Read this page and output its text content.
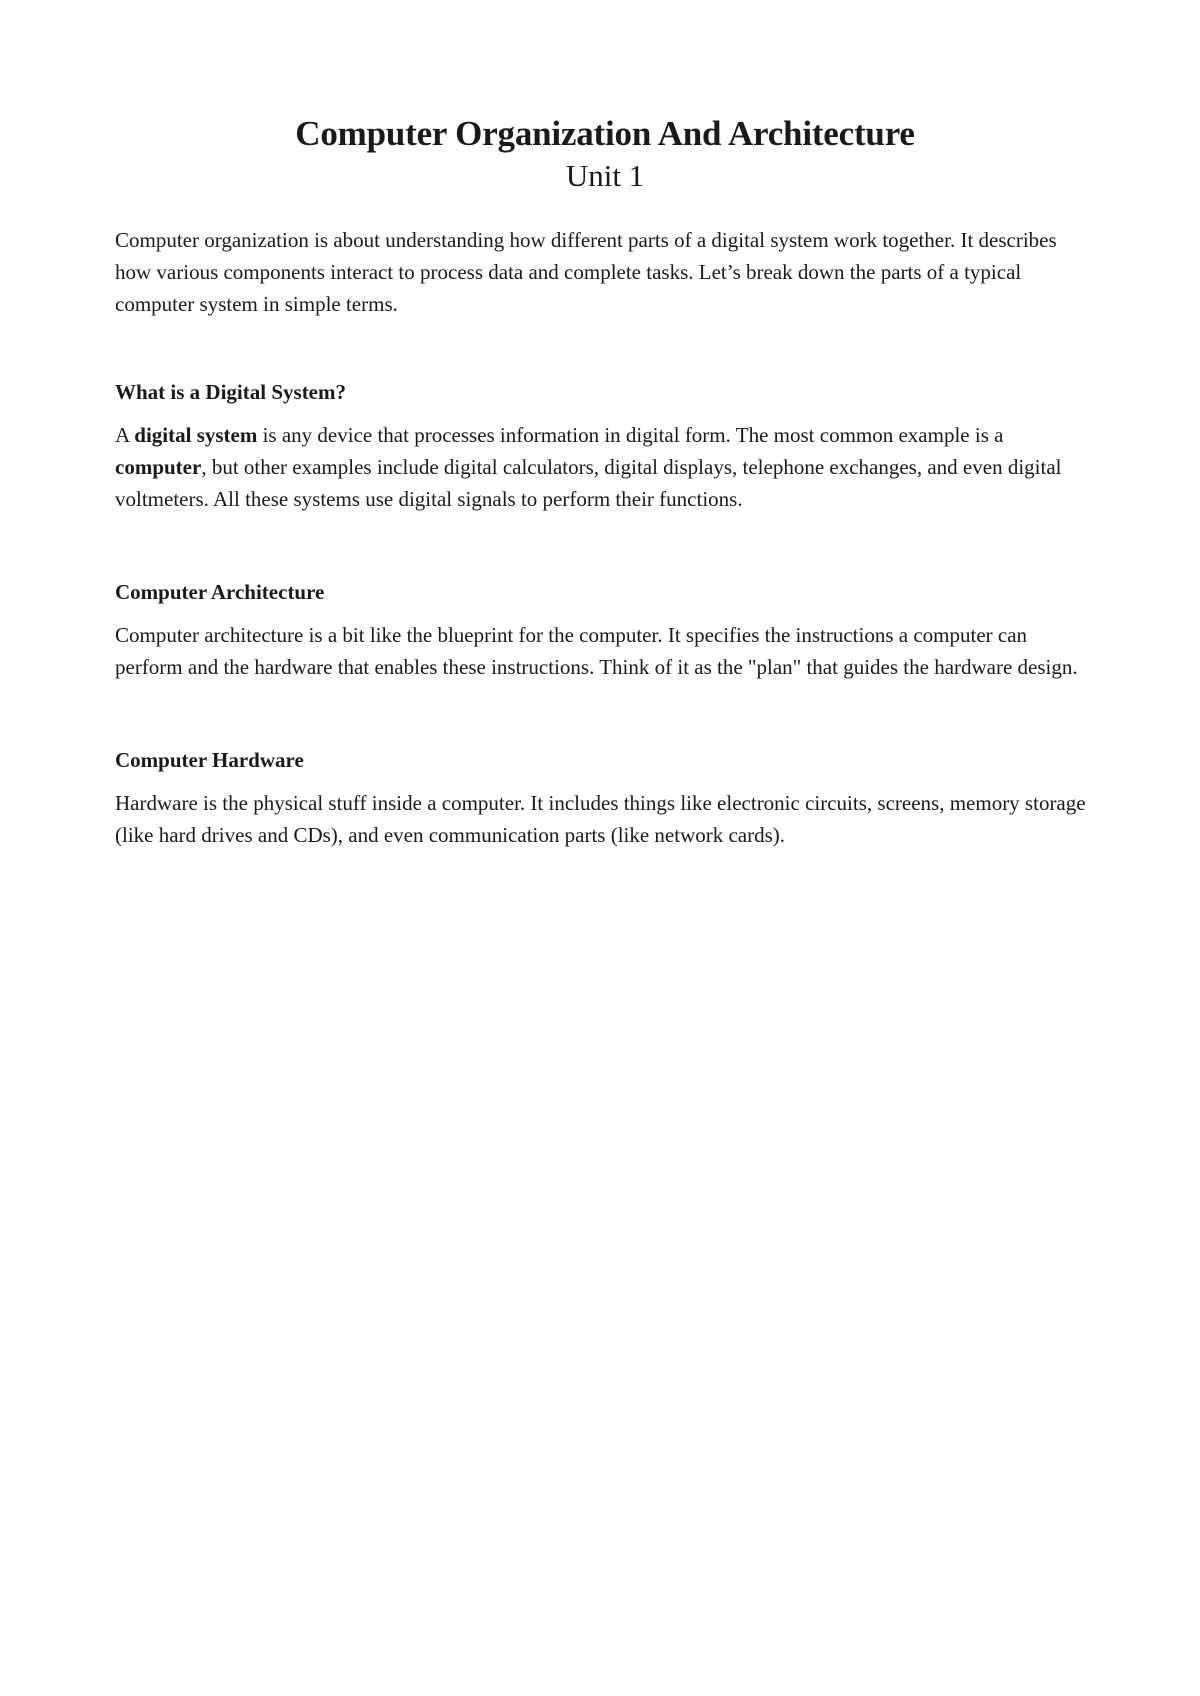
Computer Organization And Architecture
Unit 1

Computer organization is about understanding how different parts of a digital system work together. It describes how various components interact to process data and complete tasks. Let’s break down the parts of a typical computer system in simple terms.

What is a Digital System?

A digital system is any device that processes information in digital form. The most common example is a computer, but other examples include digital calculators, digital displays, telephone exchanges, and even digital voltmeters. All these systems use digital signals to perform their functions.

Computer Architecture

Computer architecture is a bit like the blueprint for the computer. It specifies the instructions a computer can perform and the hardware that enables these instructions. Think of it as the "plan" that guides the hardware design.

Computer Hardware

Hardware is the physical stuff inside a computer. It includes things like electronic circuits, screens, memory storage (like hard drives and CDs), and even communication parts (like network cards).
